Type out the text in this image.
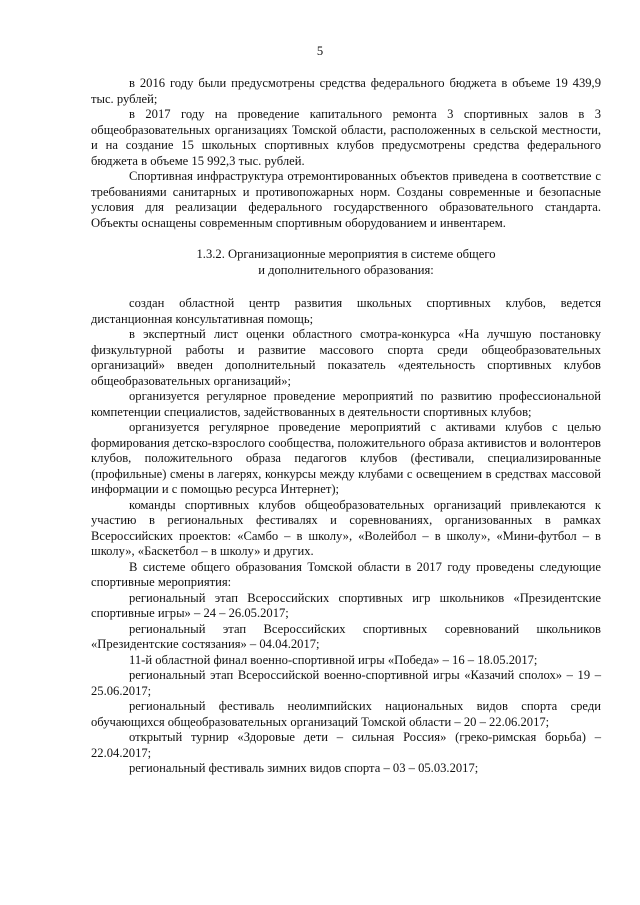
5

в 2016 году были предусмотрены средства федерального бюджета в объеме 19 439,9 тыс. рублей;

в 2017 году на проведение капитального ремонта 3 спортивных залов в 3 общеобразовательных организациях Томской области, расположенных в сельской местности, и на создание 15 школьных спортивных клубов предусмотрены средства федерального бюджета в объеме 15 992,3 тыс. рублей.

Спортивная инфраструктура отремонтированных объектов приведена в соответствие с требованиями санитарных и противопожарных норм. Созданы современные и безопасные условия для реализации федерального государственного образовательного стандарта. Объекты оснащены современным спортивным оборудованием и инвентарем.

1.3.2. Организационные мероприятия в системе общего
и дополнительного образования:

создан областной центр развития школьных спортивных клубов, ведется дистанционная консультативная помощь;

в экспертный лист оценки областного смотра-конкурса «На лучшую постановку физкультурной работы и развитие массового спорта среди общеобразовательных организаций» введен дополнительный показатель «деятельность спортивных клубов общеобразовательных организаций»;

организуется регулярное проведение мероприятий по развитию профессиональной компетенции специалистов, задействованных в деятельности спортивных клубов;

организуется регулярное проведение мероприятий с активами клубов с целью формирования детско-взрослого сообщества, положительного образа активистов и волонтеров клубов, положительного образа педагогов клубов (фестивали, специализированные (профильные) смены в лагерях, конкурсы между клубами с освещением в средствах массовой информации и с помощью ресурса Интернет);

команды спортивных клубов общеобразовательных организаций привлекаются к участию в региональных фестивалях и соревнованиях, организованных в рамках Всероссийских проектов: «Самбо – в школу», «Волейбол – в школу», «Мини-футбол – в школу», «Баскетбол – в школу» и других.

В системе общего образования Томской области в 2017 году проведены следующие спортивные мероприятия:

региональный этап Всероссийских спортивных игр школьников «Президентские спортивные игры» – 24 – 26.05.2017;

региональный этап Всероссийских спортивных соревнований школьников «Президентские состязания» – 04.04.2017;

11-й областной финал военно-спортивной игры «Победа» – 16 – 18.05.2017;

региональный этап Всероссийской военно-спортивной игры «Казачий сполох» – 19 – 25.06.2017;

региональный фестиваль неолимпийских национальных видов спорта среди обучающихся общеобразовательных организаций Томской области – 20 – 22.06.2017;

открытый турнир «Здоровые дети – сильная Россия» (греко-римская борьба) – 22.04.2017;

региональный фестиваль зимних видов спорта – 03 – 05.03.2017;
